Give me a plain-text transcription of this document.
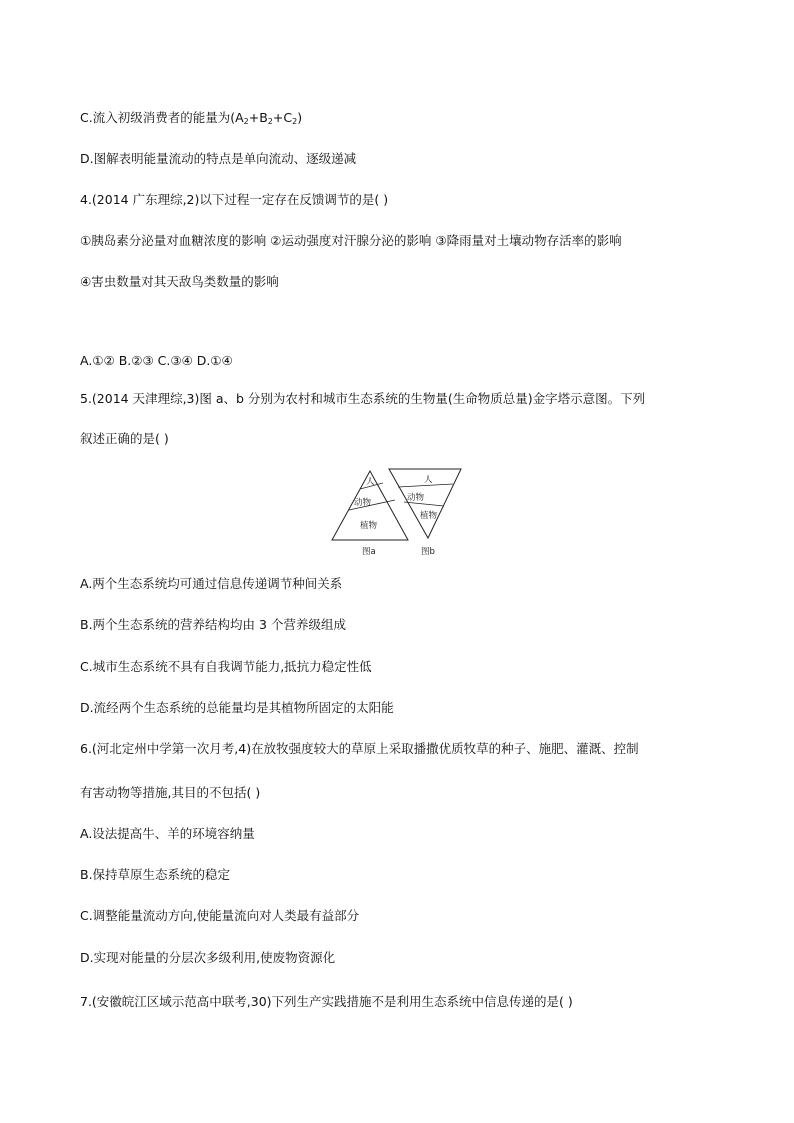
C.流入初级消费者的能量为$(A_2+B_2+C_2)$
D.图解表明能量流动的特点是单向流动、逐级递减
4.(2014 广东理综,2)以下过程一定存在反馈调节的是( )
①胰岛素分泌量对血糖浓度的影响 ②运动强度对汗腺分泌的影响 ③降雨量对土壤动物存活率的影响
④害虫数量对其天敌鸟类数量的影响
A.①② B.②③ C.③④ D.①④
5.(2014 天津理综,3)图 a、b 分别为农村和城市生态系统的生物量(生命物质总量)金字塔示意图。下列
叙述正确的是( )
人
动物
植物
图a
人
动物
植物
图b
A.两个生态系统均可通过信息传递调节种间关系
B.两个生态系统的营养结构均由 3 个营养级组成
C.城市生态系统不具有自我调节能力,抵抗力稳定性低
D.流经两个生态系统的总能量均是其植物所固定的太阳能
6.(河北定州中学第一次月考,4)在放牧强度较大的草原上采取播撒优质牧草的种子、施肥、灌溉、控制
有害动物等措施,其目的不包括( )
A.设法提高牛、羊的环境容纳量
B.保持草原生态系统的稳定
C.调整能量流动方向,使能量流向对人类最有益部分
D.实现对能量的分层次多级利用,使废物资源化
7.(安徽皖江区域示范高中联考,30)下列生产实践措施不是利用生态系统中信息传递的是( )
